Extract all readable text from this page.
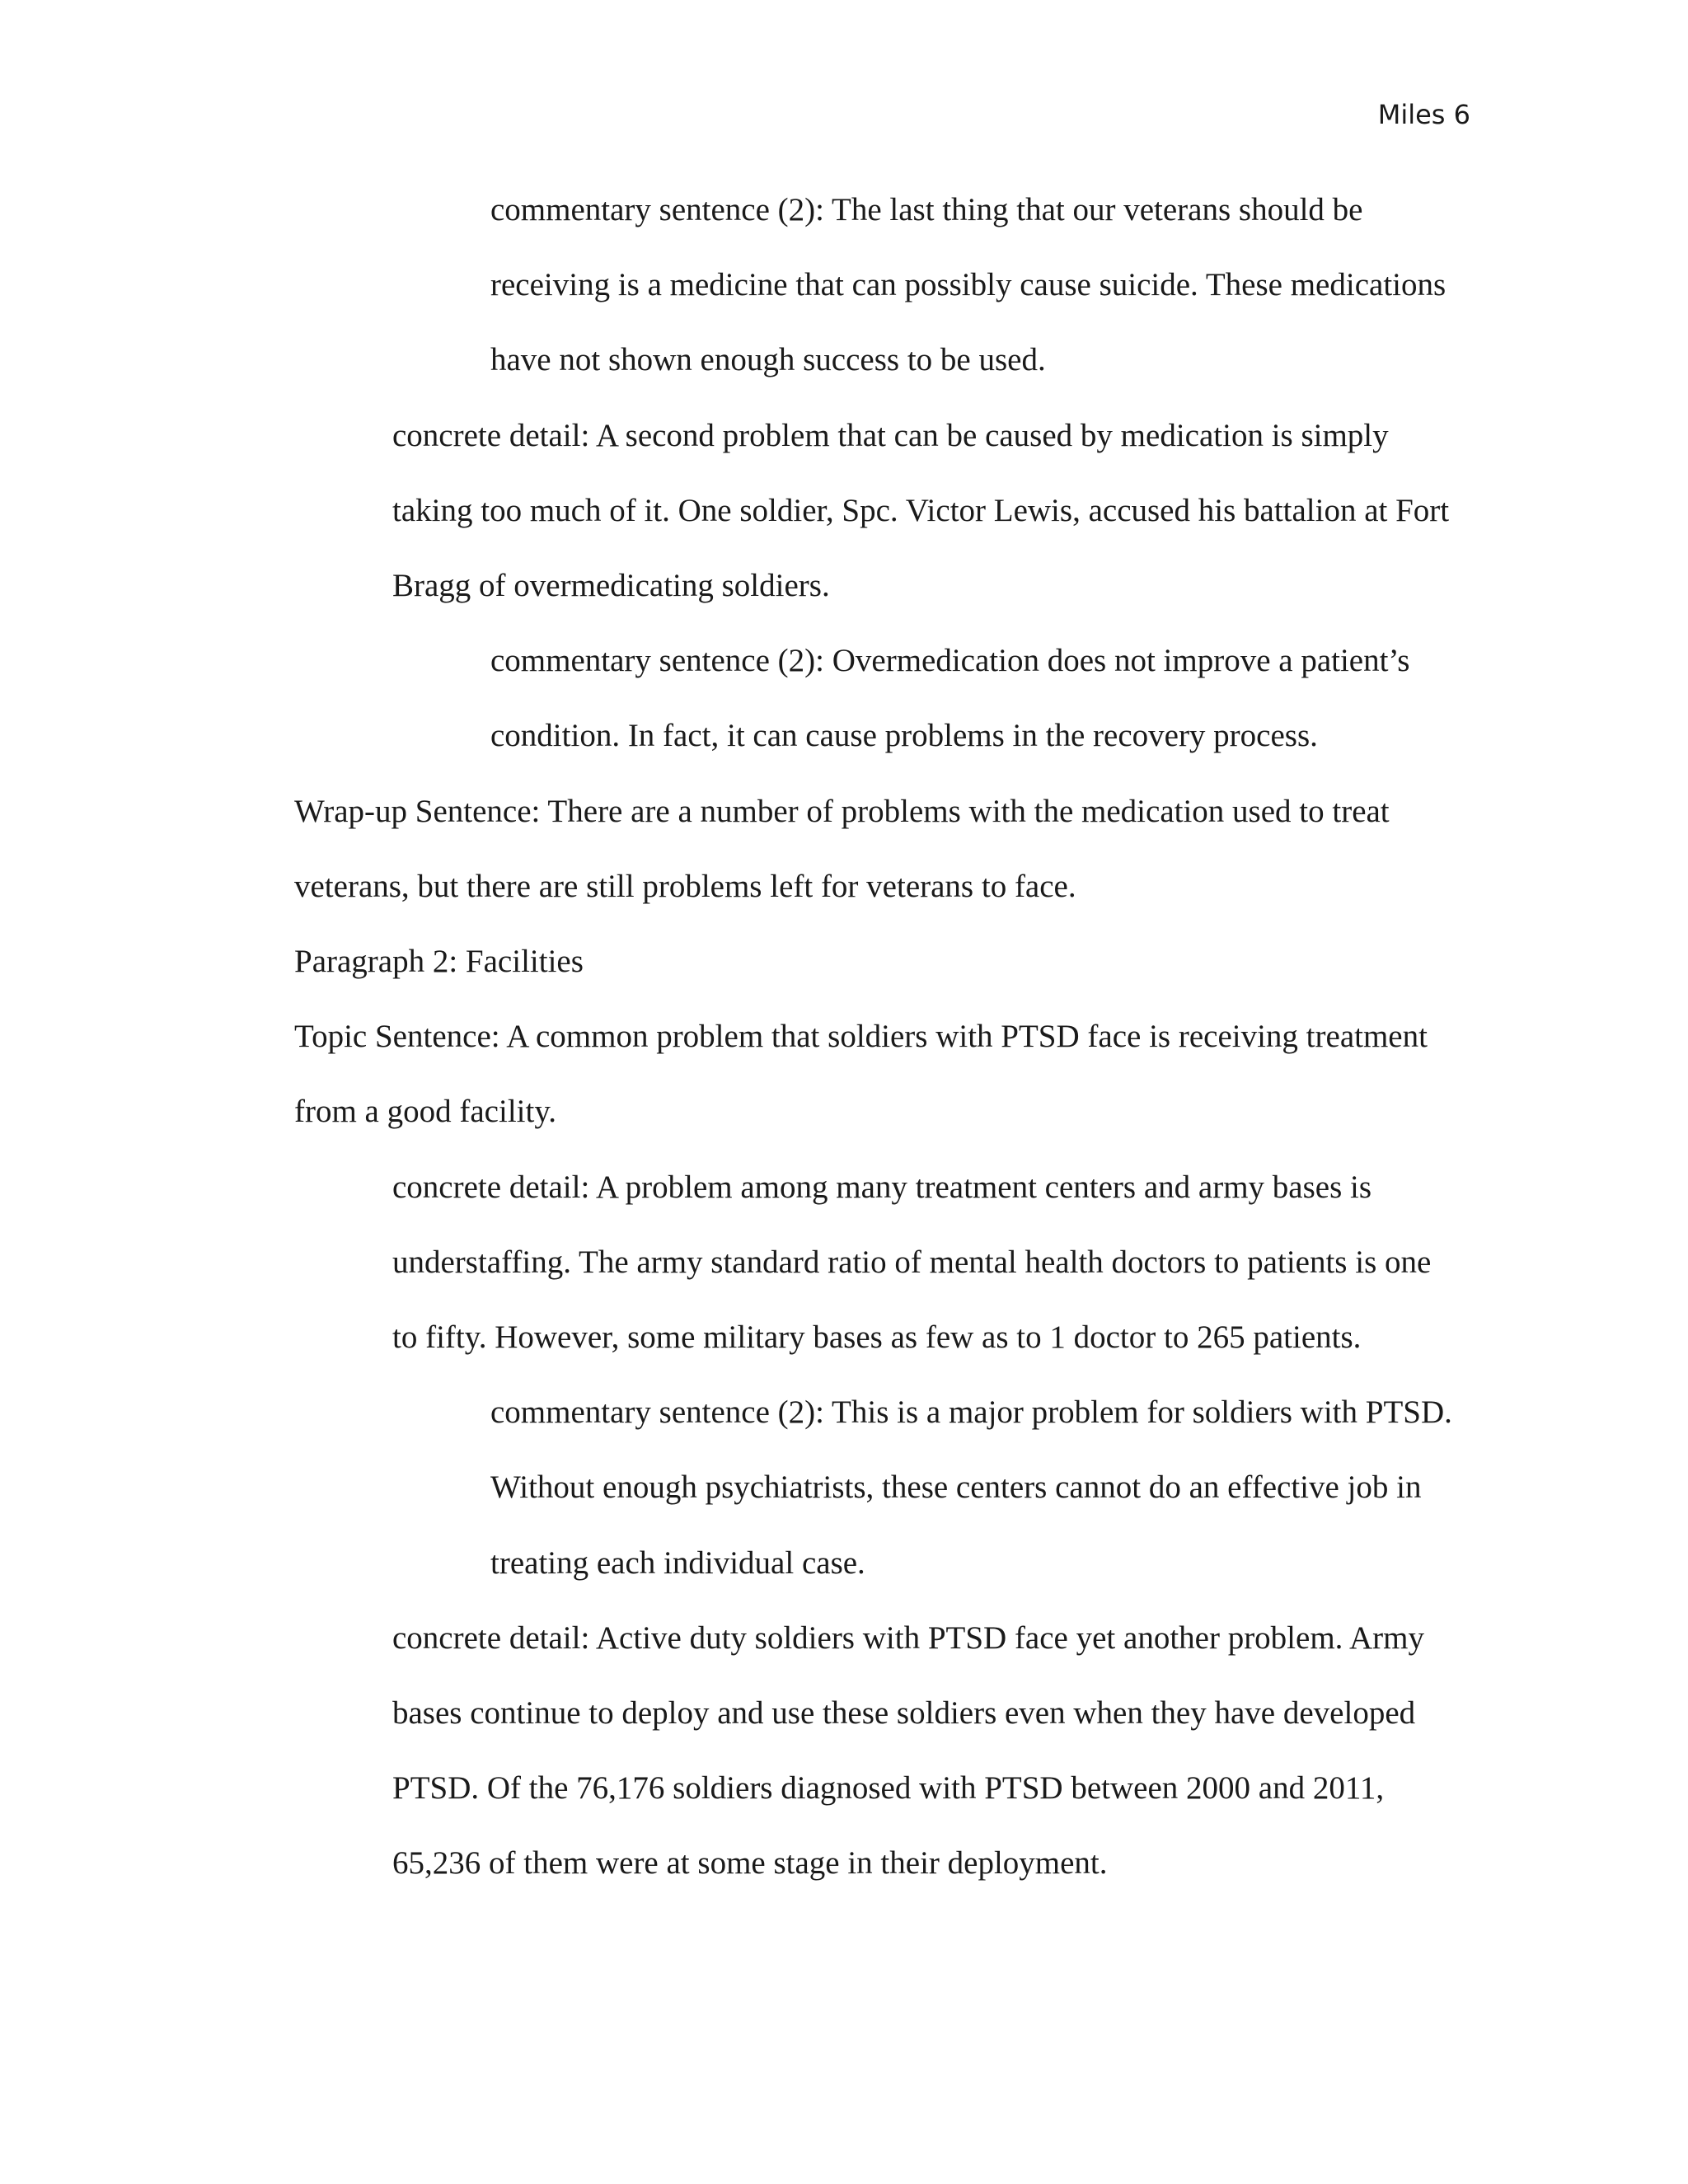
Miles 6
commentary sentence (2): The last thing that our veterans should be
receiving is a medicine that can possibly cause suicide. These medications
have not shown enough success to be used.
concrete detail: A second problem that can be caused by medication is simply
taking too much of it. One soldier, Spc. Victor Lewis, accused his battalion at Fort
Bragg of overmedicating soldiers.
commentary sentence (2): Overmedication does not improve a patient’s
condition. In fact, it can cause problems in the recovery process.
Wrap-up Sentence: There are a number of problems with the medication used to treat
veterans, but there are still problems left for veterans to face.
Paragraph 2: Facilities
Topic Sentence: A common problem that soldiers with PTSD face is receiving treatment
from a good facility.
concrete detail: A problem among many treatment centers and army bases is
understaffing. The army standard ratio of mental health doctors to patients is one
to fifty. However, some military bases as few as to 1 doctor to 265 patients.
commentary sentence (2): This is a major problem for soldiers with PTSD.
Without enough psychiatrists, these centers cannot do an effective job in
treating each individual case.
concrete detail: Active duty soldiers with PTSD face yet another problem. Army
bases continue to deploy and use these soldiers even when they have developed
PTSD. Of the 76,176 soldiers diagnosed with PTSD between 2000 and 2011,
65,236 of them were at some stage in their deployment.
